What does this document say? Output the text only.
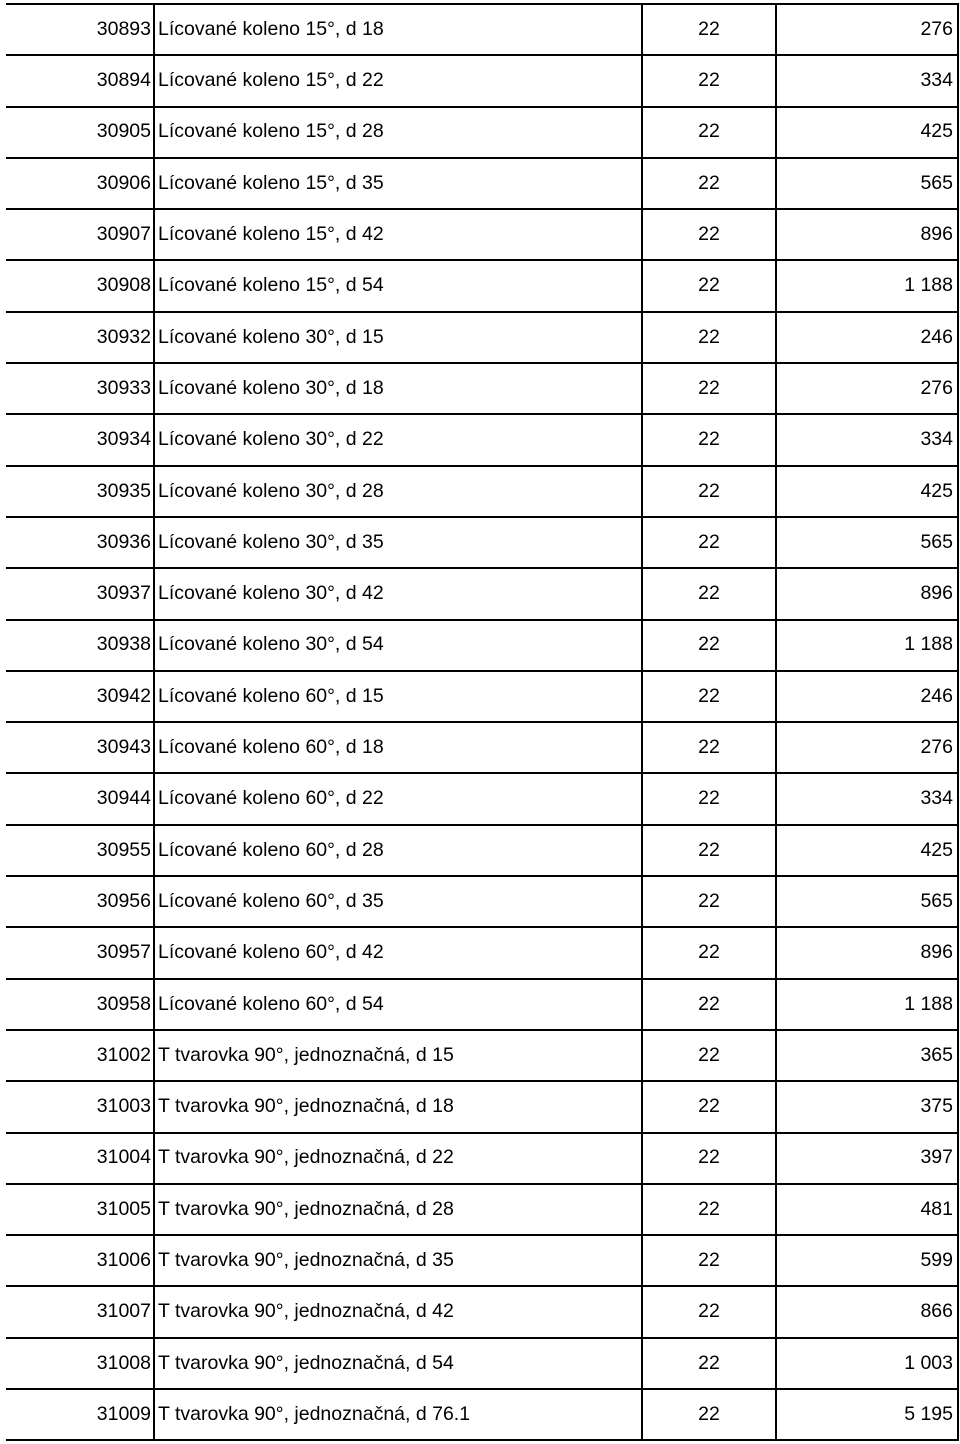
30893	Lícované koleno 15°, d 18	22	276
30894	Lícované koleno 15°, d 22	22	334
30905	Lícované koleno 15°, d 28	22	425
30906	Lícované koleno 15°, d 35	22	565
30907	Lícované koleno 15°, d 42	22	896
30908	Lícované koleno 15°, d 54	22	1 188
30932	Lícované koleno 30°, d 15	22	246
30933	Lícované koleno 30°, d 18	22	276
30934	Lícované koleno 30°, d 22	22	334
30935	Lícované koleno 30°, d 28	22	425
30936	Lícované koleno 30°, d 35	22	565
30937	Lícované koleno 30°, d 42	22	896
30938	Lícované koleno 30°, d 54	22	1 188
30942	Lícované koleno 60°, d 15	22	246
30943	Lícované koleno 60°, d 18	22	276
30944	Lícované koleno 60°, d 22	22	334
30955	Lícované koleno 60°, d 28	22	425
30956	Lícované koleno 60°, d 35	22	565
30957	Lícované koleno 60°, d 42	22	896
30958	Lícované koleno 60°, d 54	22	1 188
31002	T tvarovka 90°, jednoznačná, d 15	22	365
31003	T tvarovka 90°, jednoznačná, d 18	22	375
31004	T tvarovka 90°, jednoznačná, d 22	22	397
31005	T tvarovka 90°, jednoznačná, d 28	22	481
31006	T tvarovka 90°, jednoznačná, d 35	22	599
31007	T tvarovka 90°, jednoznačná, d 42	22	866
31008	T tvarovka 90°, jednoznačná, d 54	22	1 003
31009	T tvarovka 90°, jednoznačná, d 76.1	22	5 195
